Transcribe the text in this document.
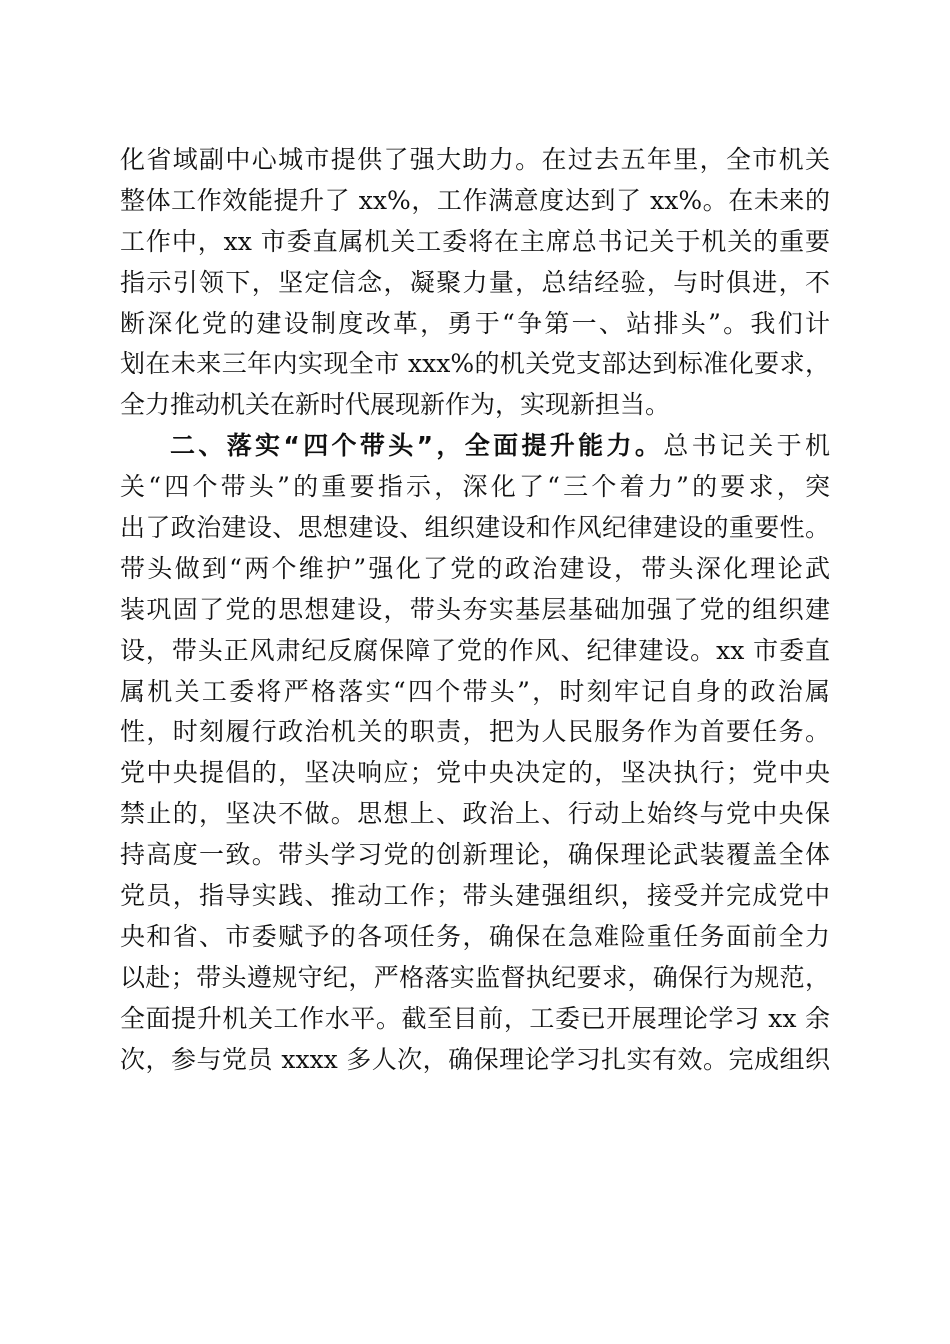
化省域副中心城市提供了强大助力。在过去五年里，全市机关
整体工作效能提升了 xx%，工作满意度达到了 xx%。在未来的
工作中，xx 市委直属机关工委将在主席总书记关于机关的重要
指示引领下，坚定信念，凝聚力量，总结经验，与时俱进，不
断深化党的建设制度改革，勇于“争第一、站排头”。我们计
划在未来三年内实现全市 xxx%的机关党支部达到标准化要求，
全力推动机关在新时代展现新作为，实现新担当。
二、落实“四个带头”，全面提升能力。总书记关于机
关“四个带头”的重要指示，深化了“三个着力”的要求，突
出了政治建设、思想建设、组织建设和作风纪律建设的重要性。
带头做到“两个维护”强化了党的政治建设，带头深化理论武
装巩固了党的思想建设，带头夯实基层基础加强了党的组织建
设，带头正风肃纪反腐保障了党的作风、纪律建设。xx 市委直
属机关工委将严格落实“四个带头”，时刻牢记自身的政治属
性，时刻履行政治机关的职责，把为人民服务作为首要任务。
党中央提倡的，坚决响应；党中央决定的，坚决执行；党中央
禁止的，坚决不做。思想上、政治上、行动上始终与党中央保
持高度一致。带头学习党的创新理论，确保理论武装覆盖全体
党员，指导实践、推动工作；带头建强组织，接受并完成党中
央和省、市委赋予的各项任务，确保在急难险重任务面前全力
以赴；带头遵规守纪，严格落实监督执纪要求，确保行为规范，
全面提升机关工作水平。截至目前，工委已开展理论学习 xx 余
次，参与党员 xxxx 多人次，确保理论学习扎实有效。完成组织
